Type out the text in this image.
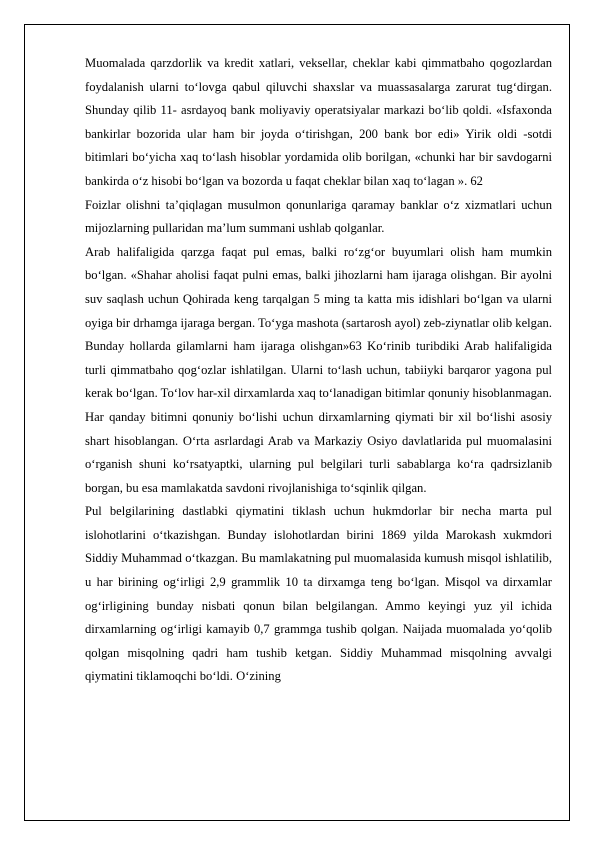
Muomalada qarzdorlik va kredit xatlari, veksellar, cheklar kabi qimmatbaho qogozlardan foydalanish ularni to‘lovga qabul qiluvchi shaxslar va muassasalarga zarurat tug‘dirgan. Shunday qilib 11- asrdayoq bank moliyaviy operatsiyalar markazi bo‘lib qoldi. «Isfaxonda bankirlar bozorida ular ham bir joyda o‘tirishgan, 200 bank bor edi» Yirik oldi -sotdi bitimlari bo‘yicha xaq to‘lash hisoblar yordamida olib borilgan, «chunki har bir savdogarni bankirda o‘z hisobi bo‘lgan va bozorda u faqat cheklar bilan xaq to‘lagan ». 62

Foizlar olishni ta’qiqlagan musulmon qonunlariga qaramay banklar o‘z xizmatlari uchun mijozlarning pullaridan ma’lum summani ushlab qolganlar.

Arab halifaligida qarzga faqat pul emas, balki ro‘zg‘or buyumlari olish ham mumkin bo‘lgan. «Shahar aholisi faqat pulni emas, balki jihozlarni ham ijaraga olishgan. Bir ayolni suv saqlash uchun Qohirada keng tarqalgan 5 ming ta katta mis idishlari bo‘lgan va ularni oyiga bir drhamga ijaraga bergan. To‘yga mashota (sartarosh ayol) zeb-ziynatlar olib kelgan. Bunday hollarda gilamlarni ham ijaraga olishgan»63 Ko‘rinib turibdiki Arab halifaligida turli qimmatbaho qog‘ozlar ishlatilgan. Ularni to‘lash uchun, tabiiyki barqaror yagona pul kerak bo‘lgan. To‘lov har-xil dirxamlarda xaq to‘lanadigan bitimlar qonuniy hisoblanmagan.

Har qanday bitimni qonuniy bo‘lishi uchun dirxamlarning qiymati bir xil bo‘lishi asosiy shart hisoblangan. O‘rta asrlardagi Arab va Markaziy Osiyo davlatlarida pul muomalasini o‘rganish shuni ko‘rsatyaptki, ularning pul belgilari turli sabablarga ko‘ra qadrsizlanib borgan, bu esa mamlakatda savdoni rivojlanishiga to‘sqinlik qilgan.

Pul belgilarining dastlabki qiymatini tiklash uchun hukmdorlar bir necha marta pul islohotlarini o‘tkazishgan. Bunday islohotlardan birini 1869 yilda Marokash xukmdori Siddiy Muhammad o‘tkazgan. Bu mamlakatning pul muomalasida kumush misqol ishlatilib, u har birining og‘irligi 2,9 grammlik 10 ta dirxamga teng bo‘lgan. Misqol va dirxamlar og‘irligining bunday nisbati qonun bilan belgilangan. Ammo keyingi yuz yil ichida dirxamlarning og‘irligi kamayib 0,7 grammga tushib qolgan. Naijada muomalada yo‘qolib qolgan misqolning qadri ham tushib ketgan. Siddiy Muhammad misqolning avvalgi qiymatini tiklamoqchi bo‘ldi. O‘zining
